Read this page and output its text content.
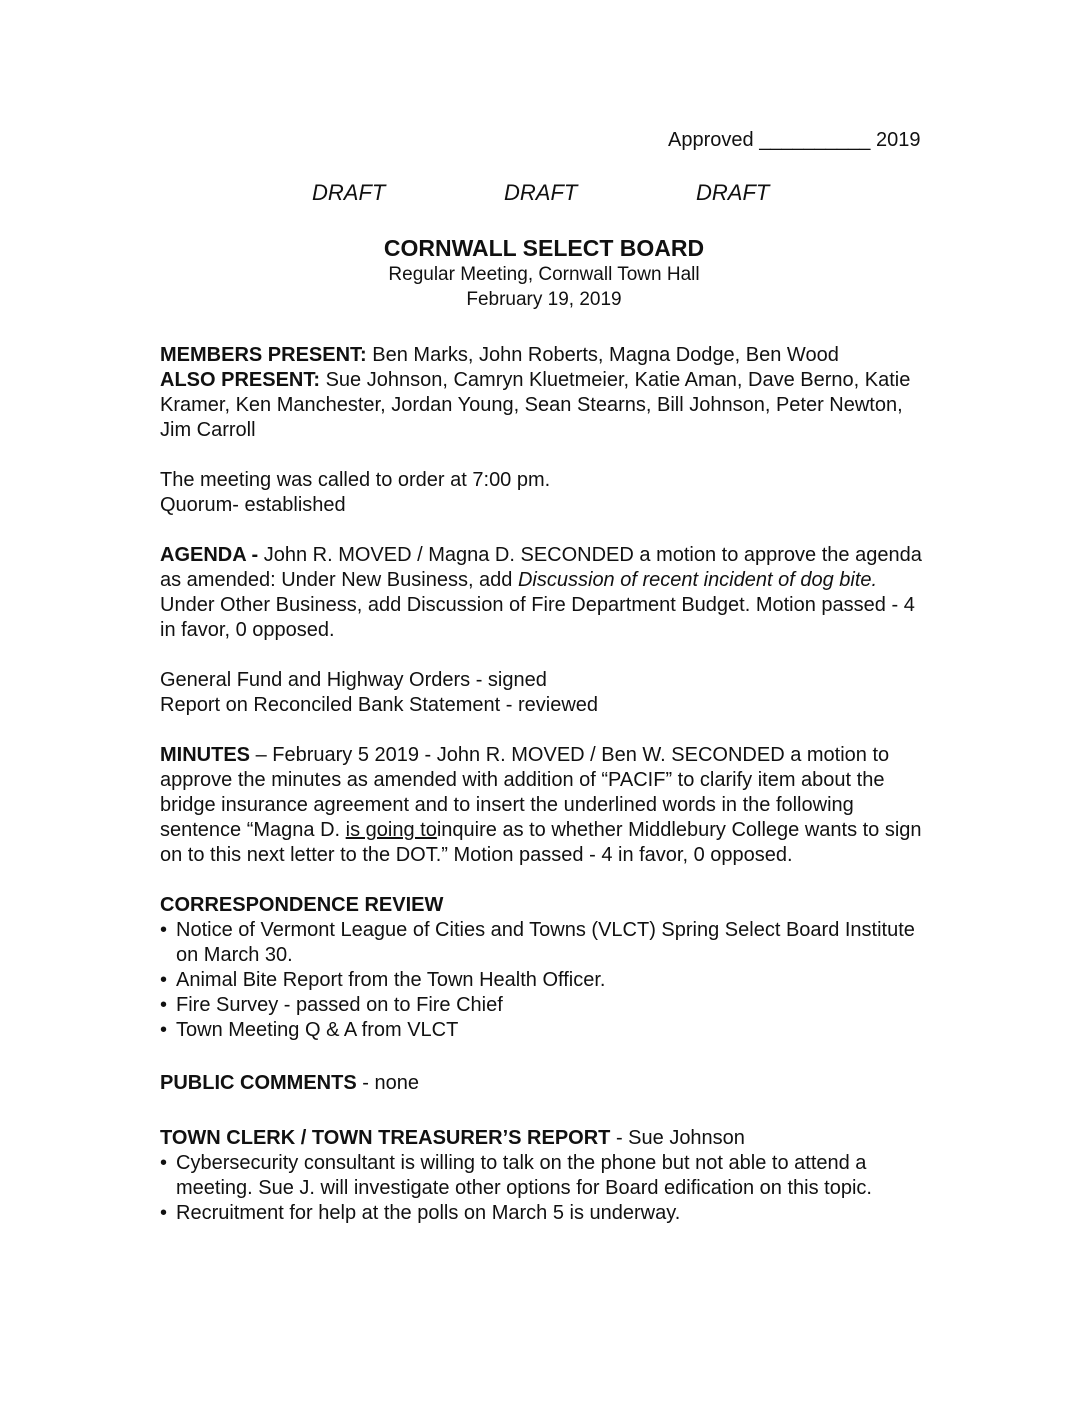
Approved __________ 2019
DRAFT	DRAFT	DRAFT
CORNWALL SELECT BOARD
Regular Meeting, Cornwall Town Hall
February 19, 2019
MEMBERS PRESENT: Ben Marks, John Roberts, Magna Dodge, Ben Wood
ALSO PRESENT: Sue Johnson, Camryn Kluetmeier, Katie Aman, Dave Berno, Katie Kramer, Ken Manchester, Jordan Young, Sean Stearns, Bill Johnson, Peter Newton, Jim Carroll
The meeting was called to order at 7:00 pm.
Quorum- established
AGENDA - John R. MOVED / Magna D. SECONDED a motion to approve the agenda as amended: Under New Business, add Discussion of recent incident of dog bite. Under Other Business, add Discussion of Fire Department Budget. Motion passed - 4 in favor, 0 opposed.
General Fund and Highway Orders - signed
Report on Reconciled Bank Statement - reviewed
MINUTES – February 5 2019 - John R. MOVED / Ben W. SECONDED a motion to approve the minutes as amended with addition of “PACIF” to clarify item about the bridge insurance agreement and to insert the underlined words in the following sentence “Magna D. is going toinquire as to whether Middlebury College wants to sign on to this next letter to the DOT.” Motion passed - 4 in favor, 0 opposed.
CORRESPONDENCE REVIEW
• Notice of Vermont League of Cities and Towns (VLCT) Spring Select Board Institute on March 30.
• Animal Bite Report from the Town Health Officer.
• Fire Survey - passed on to Fire Chief
• Town Meeting Q & A from VLCT
PUBLIC COMMENTS - none
TOWN CLERK / TOWN TREASURER’S REPORT - Sue Johnson
• Cybersecurity consultant is willing to talk on the phone but not able to attend a meeting. Sue J. will investigate other options for Board edification on this topic.
• Recruitment for help at the polls on March 5 is underway.
